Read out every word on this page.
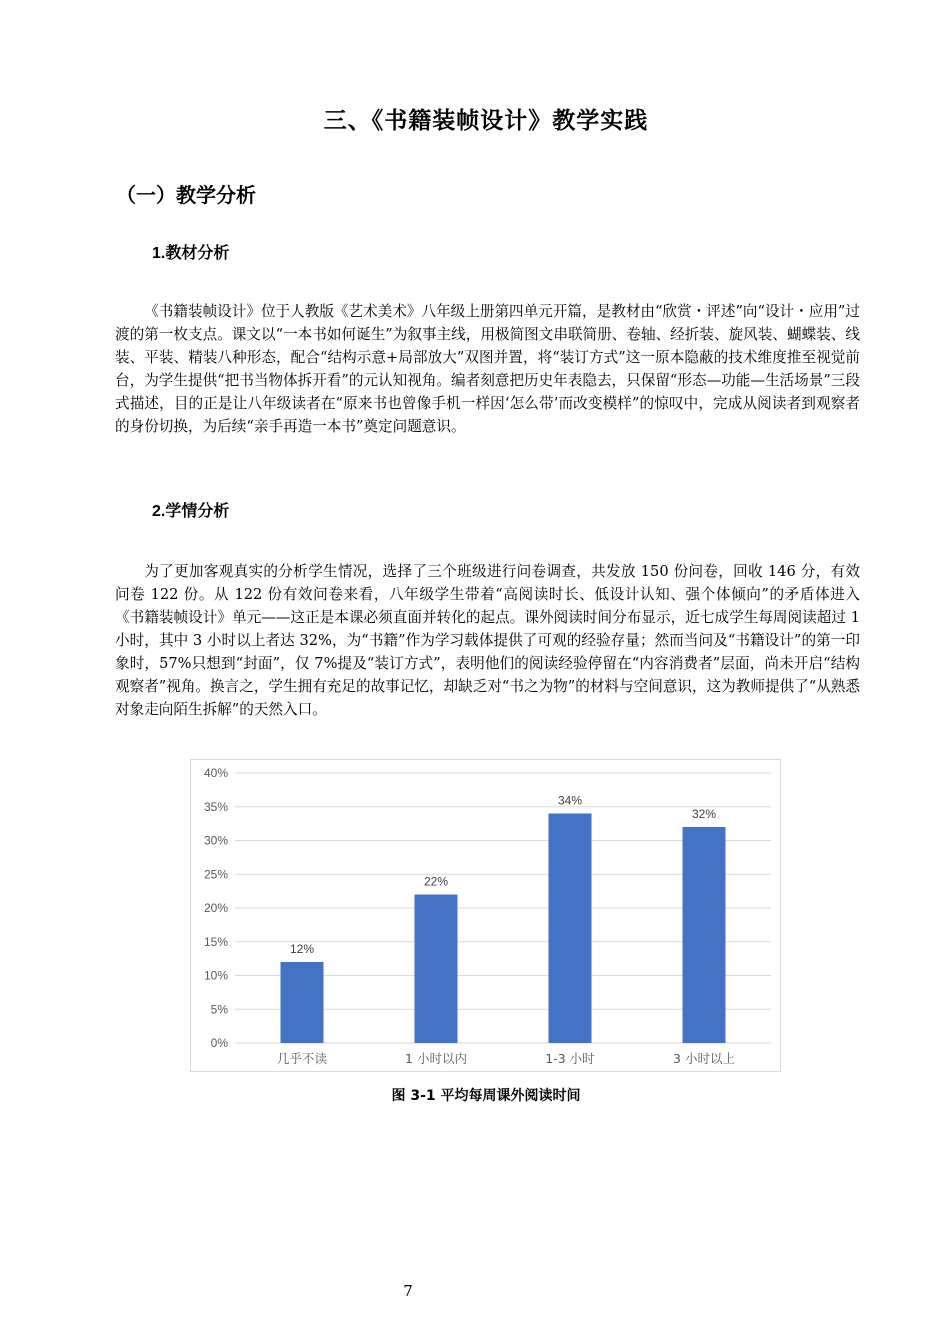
三、《书籍装帧设计》教学实践
（一）教学分析
1.教材分析

《书籍装帧设计》位于人教版《艺术美术》八年级上册第四单元开篇，是教材由“欣赏・评述”向“设计・应用”过渡的第一枚支点。课文以“一本书如何诞生”为叙事主线，用极简图文串联简册、卷轴、经折装、旋风装、蝴蝶装、线装、平装、精装八种形态，配合“结构示意+局部放大”双图并置，将“装订方式”这一原本隐蔽的技术维度推至视觉前台，为学生提供“把书当物体拆开看”的元认知视角。编者刻意把历史年表隐去，只保留“形态—功能—生活场景”三段式描述，目的正是让八年级读者在“原来书也曾像手机一样因‘怎么带’而改变模样”的惊叹中，完成从阅读者到观察者的身份切换，为后续“亲手再造一本书”奠定问题意识。

2.学情分析

为了更加客观真实的分析学生情况，选择了三个班级进行问卷调查，共发放 150 份问卷，回收 146 分，有效问卷 122 份。从 122 份有效问卷来看，八年级学生带着“高阅读时长、低设计认知、强个体倾向”的矛盾体进入《书籍装帧设计》单元——这正是本课必须直面并转化的起点。课外阅读时间分布显示，近七成学生每周阅读超过 1 小时，其中 3 小时以上者达 32%，为“书籍”作为学习载体提供了可观的经验存量；然而当问及“书籍设计”的第一印象时，57%只想到“封面”，仅 7%提及“装订方式”，表明他们的阅读经验停留在“内容消费者”层面，尚未开启“结构观察者”视角。换言之，学生拥有充足的故事记忆，却缺乏对“书之为物”的材料与空间意识，这为教师提供了“从熟悉对象走向陌生拆解”的天然入口。

0%
5%
10%
15%
20%
25%
30%
35%
40%
12%
几乎不读
22%
1 小时以内
34%
1-3 小时
32%
3 小时以上
图 3-1 平均每周课外阅读时间
7
